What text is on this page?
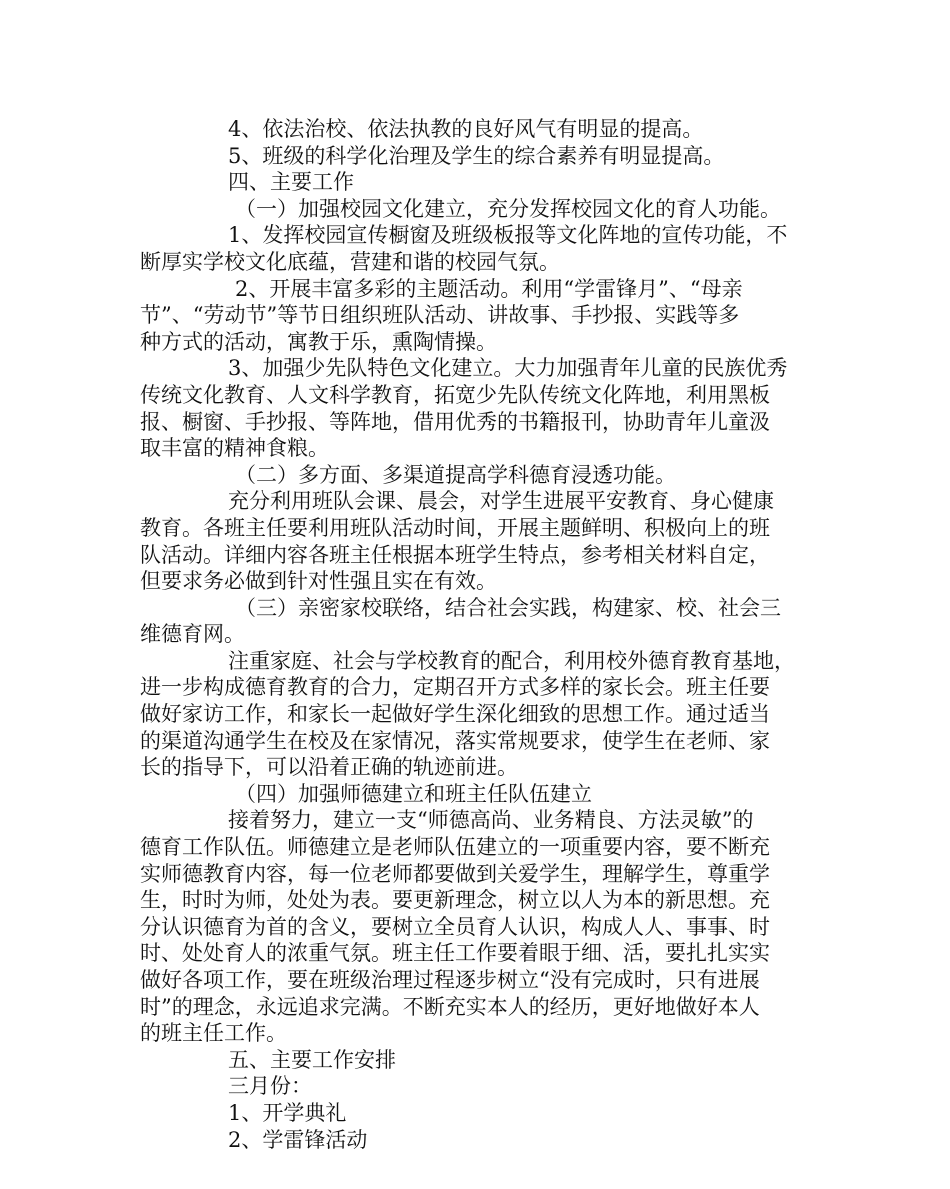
4、依法治校、依法执教的良好风气有明显的提高。

5、班级的科学化治理及学生的综合素养有明显提高。

四、主要工作

（一）加强校园文化建立，充分发挥校园文化的育人功能。

1、发挥校园宣传橱窗及班级板报等文化阵地的宣传功能，不

断厚实学校文化底蕴，营建和谐的校园气氛。

2、开展丰富多彩的主题活动。利用“学雷锋月”、“母亲

节”、“劳动节”等节日组织班队活动、讲故事、手抄报、实践等多

种方式的活动，寓教于乐，熏陶情操。

3、加强少先队特色文化建立。大力加强青年儿童的民族优秀

传统文化教育、人文科学教育，拓宽少先队传统文化阵地，利用黑板

报、橱窗、手抄报、等阵地，借用优秀的书籍报刊，协助青年儿童汲

取丰富的精神食粮。

（二）多方面、多渠道提高学科德育浸透功能。

充分利用班队会课、晨会，对学生进展平安教育、身心健康

教育。各班主任要利用班队活动时间，开展主题鲜明、积极向上的班

队活动。详细内容各班主任根据本班学生特点，参考相关材料自定，

但要求务必做到针对性强且实在有效。

（三）亲密家校联络，结合社会实践，构建家、校、社会三

维德育网。

注重家庭、社会与学校教育的配合，利用校外德育教育基地，

进一步构成德育教育的合力，定期召开方式多样的家长会。班主任要

做好家访工作，和家长一起做好学生深化细致的思想工作。通过适当

的渠道沟通学生在校及在家情况，落实常规要求，使学生在老师、家

长的指导下，可以沿着正确的轨迹前进。

（四）加强师德建立和班主任队伍建立

接着努力，建立一支“师德高尚、业务精良、方法灵敏”的

德育工作队伍。师德建立是老师队伍建立的一项重要内容，要不断充

实师德教育内容，每一位老师都要做到关爱学生，理解学生，尊重学

生，时时为师，处处为表。要更新理念，树立以人为本的新思想。充

分认识德育为首的含义，要树立全员育人认识，构成人人、事事、时

时、处处育人的浓重气氛。班主任工作要着眼于细、活，要扎扎实实

做好各项工作，要在班级治理过程逐步树立“没有完成时，只有进展

时”的理念，永远追求完满。不断充实本人的经历，更好地做好本人

的班主任工作。

五、主要工作安排

三月份：

1、开学典礼

2、学雷锋活动
